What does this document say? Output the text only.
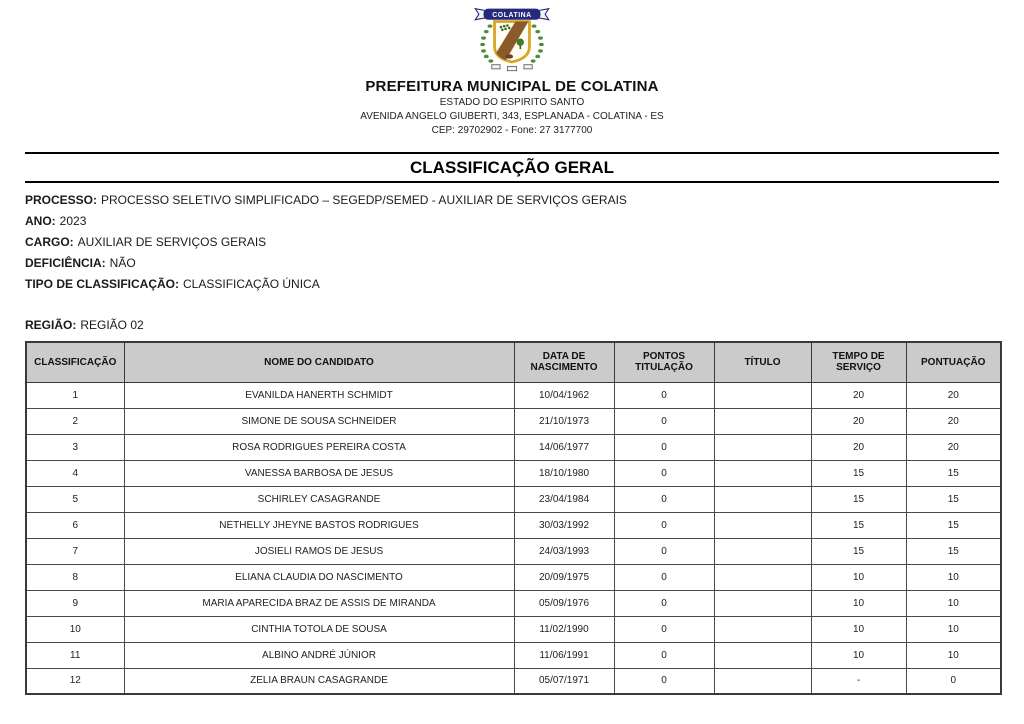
COLATINA
PREFEITURA MUNICIPAL DE COLATINA
ESTADO DO ESPIRITO SANTO
AVENIDA ANGELO GIUBERTI, 343, ESPLANADA - COLATINA - ES
CEP: 29702902 - Fone: 27 3177700
CLASSIFICAÇÃO GERAL
PROCESSO: PROCESSO SELETIVO SIMPLIFICADO – SEGEDP/SEMED - AUXILIAR DE SERVIÇOS GERAIS
ANO: 2023
CARGO: AUXILIAR DE SERVIÇOS GERAIS
DEFICIÊNCIA: NÃO
TIPO DE CLASSIFICAÇÃO: CLASSIFICAÇÃO ÚNICA
REGIÃO: REGIÃO 02
CLASSIFICAÇÃO	NOME DO CANDIDATO	DATA DE NASCIMENTO	PONTOS TITULAÇÃO	TÍTULO	TEMPO DE SERVIÇO	PONTUAÇÃO
1	EVANILDA HANERTH SCHMIDT	10/04/1962	0		20	20
2	SIMONE DE SOUSA SCHNEIDER	21/10/1973	0		20	20
3	ROSA RODRIGUES PEREIRA COSTA	14/06/1977	0		20	20
4	VANESSA BARBOSA DE JESUS	18/10/1980	0		15	15
5	SCHIRLEY CASAGRANDE	23/04/1984	0		15	15
6	NETHELLY JHEYNE BASTOS RODRIGUES	30/03/1992	0		15	15
7	JOSIELI RAMOS DE JESUS	24/03/1993	0		15	15
8	ELIANA CLAUDIA DO NASCIMENTO	20/09/1975	0		10	10
9	MARIA APARECIDA BRAZ DE ASSIS DE MIRANDA	05/09/1976	0		10	10
10	CINTHIA TOTOLA DE SOUSA	11/02/1990	0		10	10
11	ALBINO ANDRÉ JÚNIOR	11/06/1991	0		10	10
12	ZELIA BRAUN CASAGRANDE	05/07/1971	0		-	0
